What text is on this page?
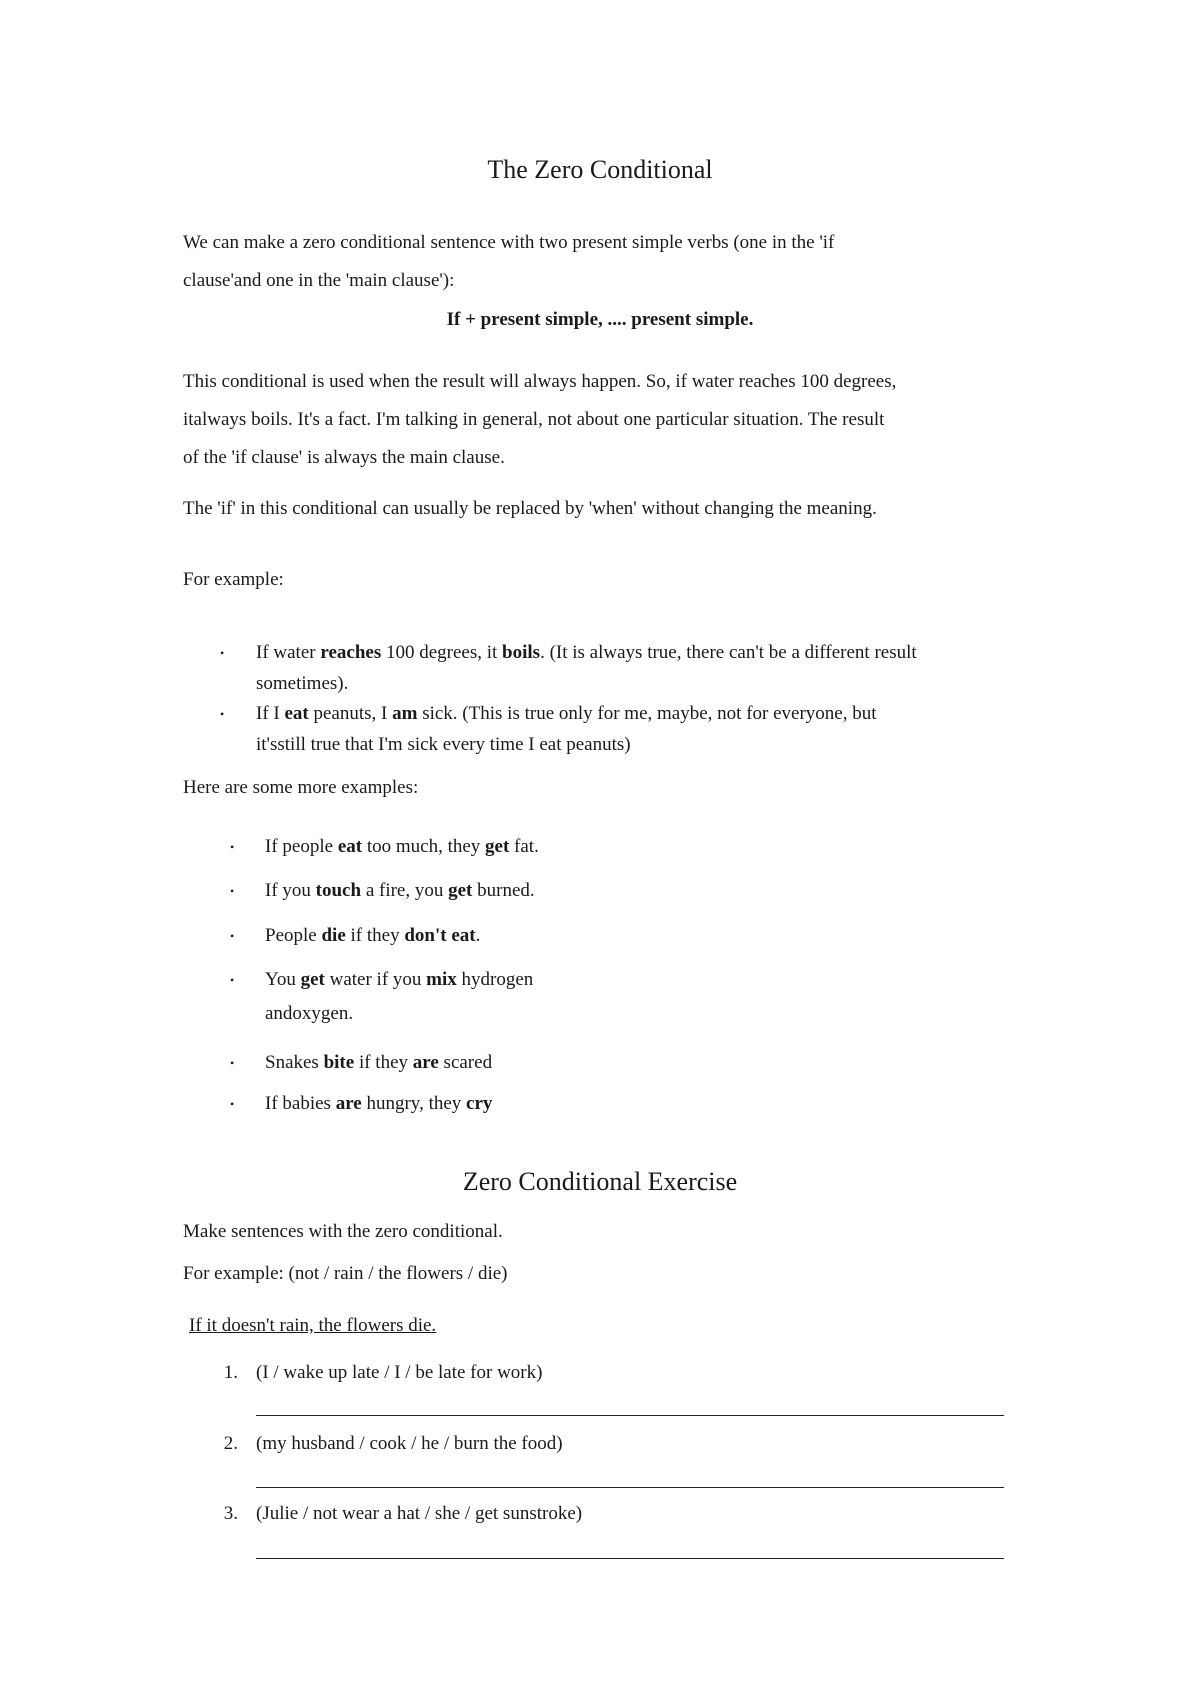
The Zero Conditional
We can make a zero conditional sentence with two present simple verbs (one in the 'if
clause'and one in the 'main clause'):
If + present simple, .... present simple.
This conditional is used when the result will always happen. So, if water reaches 100 degrees,
italways boils. It's a fact. I'm talking in general, not about one particular situation. The result
of the 'if clause' is always the main clause.
The 'if' in this conditional can usually be replaced by 'when' without changing the meaning.
For example:
• If water reaches 100 degrees, it boils. (It is always true, there can't be a different result
sometimes).
• If I eat peanuts, I am sick. (This is true only for me, maybe, not for everyone, but
it'sstill true that I'm sick every time I eat peanuts)
Here are some more examples:
• If people eat too much, they get fat.
• If you touch a fire, you get burned.
• People die if they don't eat.
• You get water if you mix hydrogen
andoxygen.
• Snakes bite if they are scared
• If babies are hungry, they cry
Zero Conditional Exercise
Make sentences with the zero conditional.
For example: (not / rain / the flowers / die)
If it doesn't rain, the flowers die.
1. (I / wake up late / I / be late for work)
2. (my husband / cook / he / burn the food)
3. (Julie / not wear a hat / she / get sunstroke)
